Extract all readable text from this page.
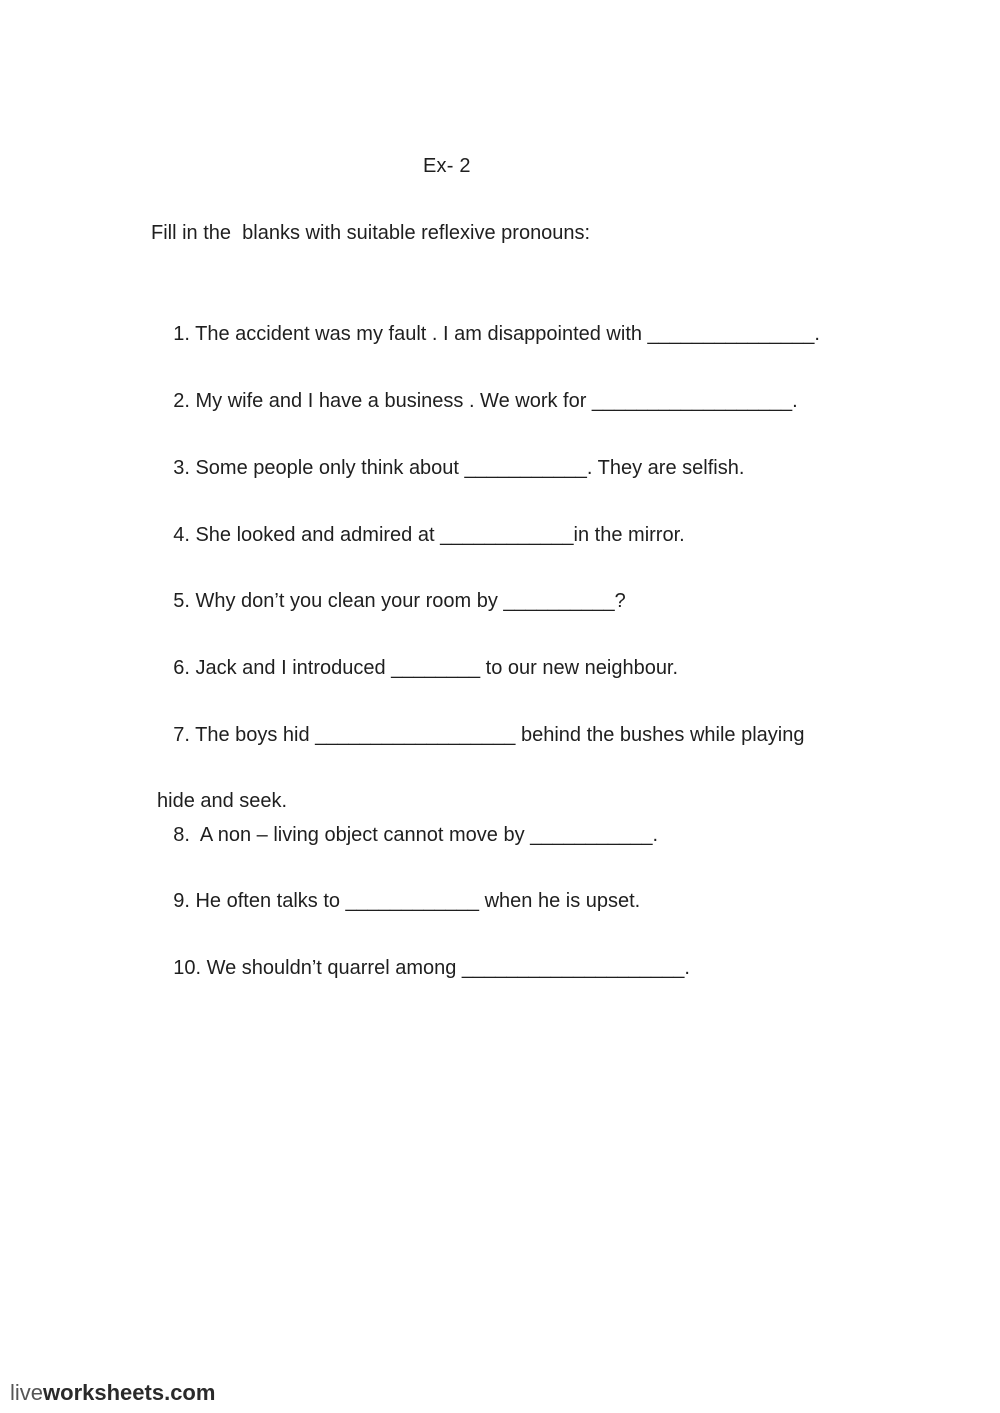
Ex- 2
Fill in the  blanks with suitable reflexive pronouns:

1. The accident was my fault . I am disappointed with _______________.

2. My wife and I have a business . We work for __________________.

3. Some people only think about ___________. They are selfish.

4. She looked and admired at ____________in the mirror.

5. Why don’t you clean your room by __________?

6. Jack and I introduced ________ to our new neighbour.

7. The boys hid __________________ behind the bushes while playing

hide and seek.

8.  A non – living object cannot move by ___________.

9. He often talks to ____________ when he is upset.

10. We shouldn’t quarrel among ____________________.

liveworksheets.com
